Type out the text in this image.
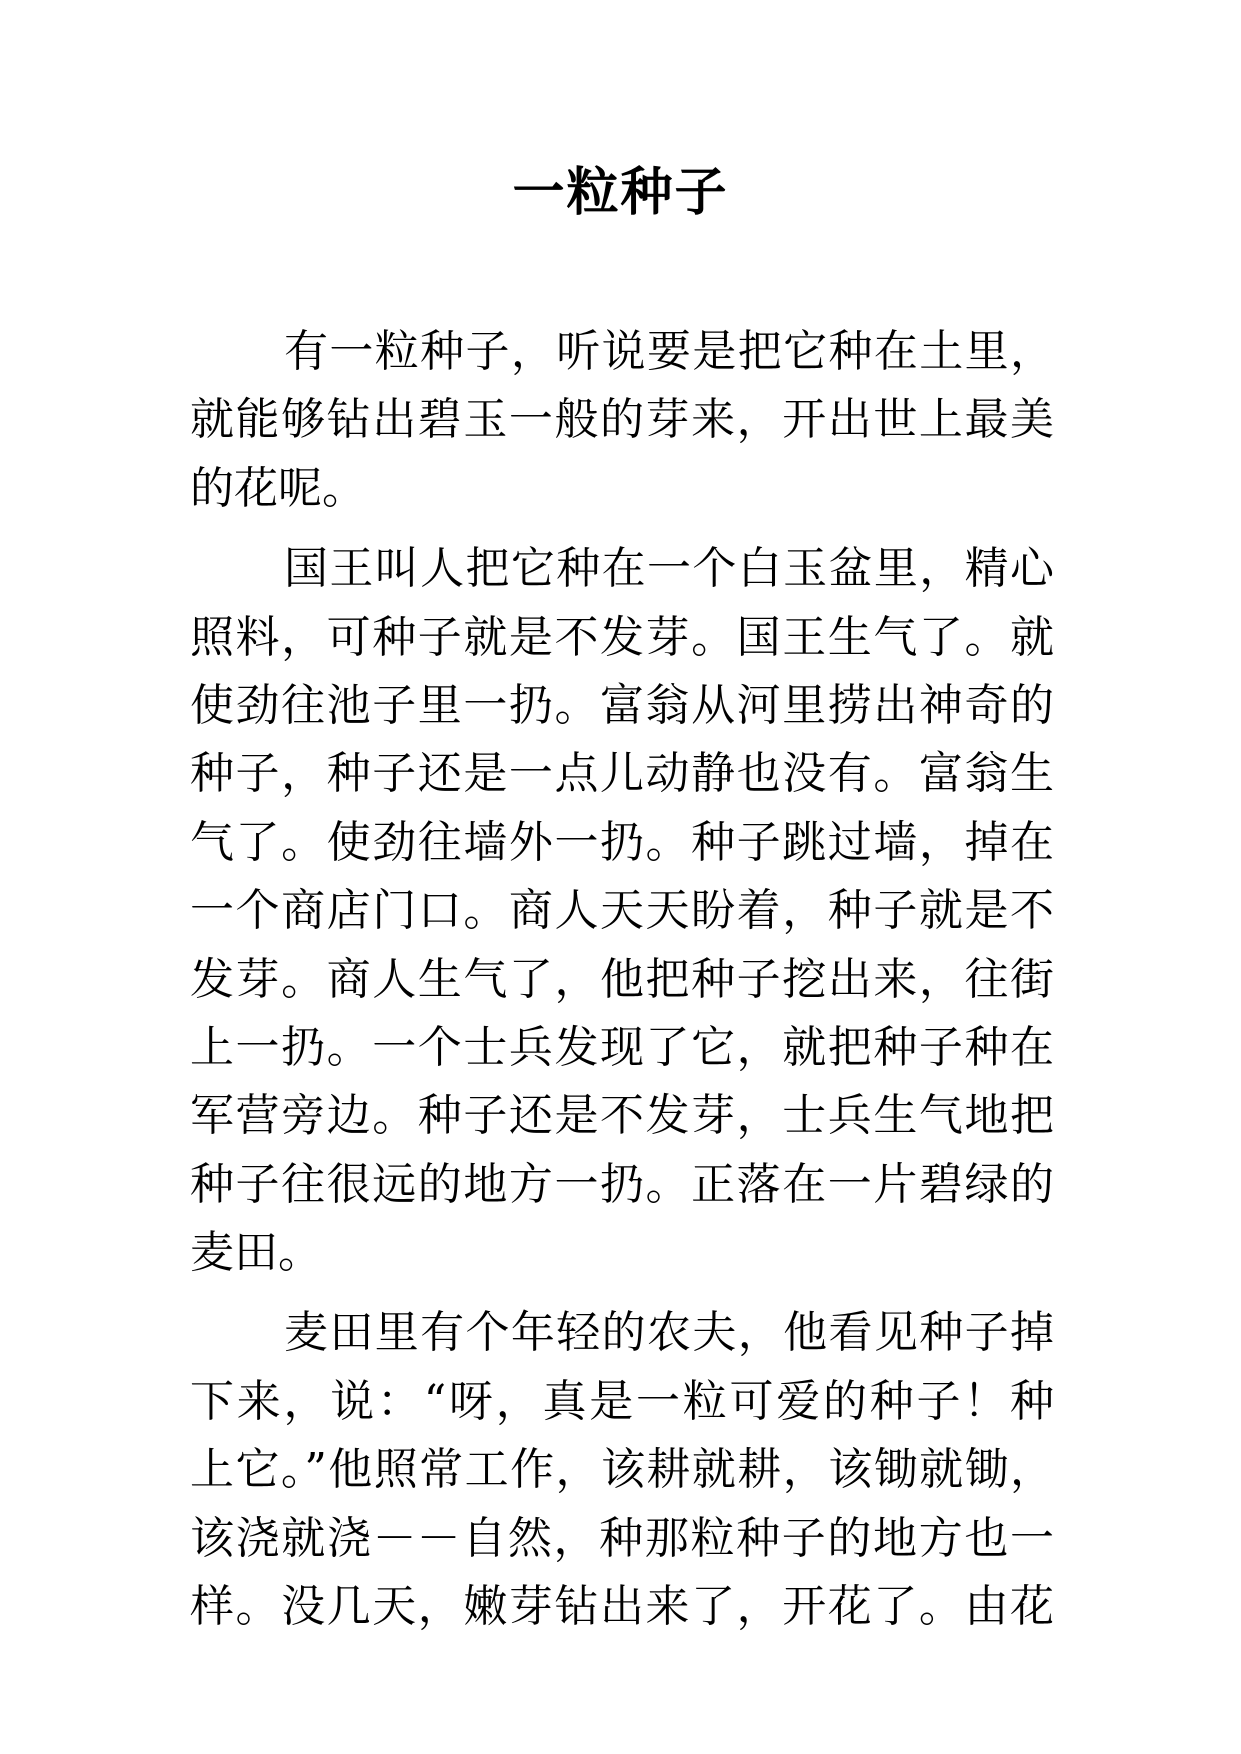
一粒种子
有一粒种子，听说要是把它种在土里，
就能够钻出碧玉一般的芽来，开出世上最美
的花呢。
国王叫人把它种在一个白玉盆里，精心
照料，可种子就是不发芽。国王生气了。就
使劲往池子里一扔。富翁从河里捞出神奇的
种子，种子还是一点儿动静也没有。富翁生
气了。使劲往墙外一扔。种子跳过墙，掉在
一个商店门口。商人天天盼着，种子就是不
发芽。商人生气了，他把种子挖出来，往街
上一扔。一个士兵发现了它，就把种子种在
军营旁边。种子还是不发芽，士兵生气地把
种子往很远的地方一扔。正落在一片碧绿的
麦田。
麦田里有个年轻的农夫，他看见种子掉
下来，说：“呀，真是一粒可爱的种子！种
上它。”他照常工作，该耕就耕，该锄就锄，
该浇就浇－－自然，种那粒种子的地方也一
样。没几天，嫩芽钻出来了，开花了。由花
